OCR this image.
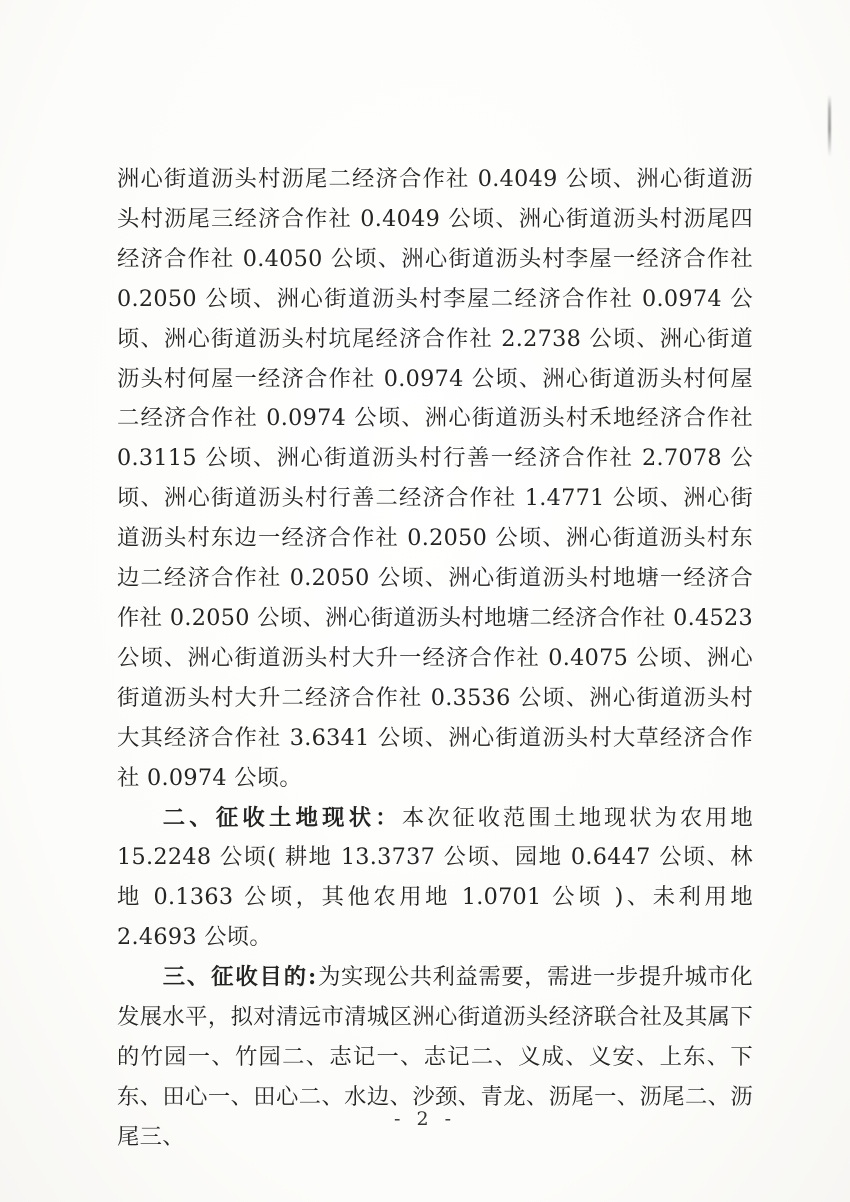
洲心街道沥头村沥尾二经济合作社 0.4049 公顷、洲心街道沥头村沥尾三经济合作社 0.4049 公顷、洲心街道沥头村沥尾四经济合作社 0.4050 公顷、洲心街道沥头村李屋一经济合作社 0.2050 公顷、洲心街道沥头村李屋二经济合作社 0.0974 公顷、洲心街道沥头村坑尾经济合作社 2.2738 公顷、洲心街道沥头村何屋一经济合作社 0.0974 公顷、洲心街道沥头村何屋二经济合作社 0.0974 公顷、洲心街道沥头村禾地经济合作社 0.3115 公顷、洲心街道沥头村行善一经济合作社 2.7078 公顷、洲心街道沥头村行善二经济合作社 1.4771 公顷、洲心街道沥头村东边一经济合作社 0.2050 公顷、洲心街道沥头村东边二经济合作社 0.2050 公顷、洲心街道沥头村地塘一经济合作社 0.2050 公顷、洲心街道沥头村地塘二经济合作社 0.4523 公顷、洲心街道沥头村大升一经济合作社 0.4075 公顷、洲心街道沥头村大升二经济合作社 0.3536 公顷、洲心街道沥头村大其经济合作社 3.6341 公顷、洲心街道沥头村大草经济合作社 0.0974 公顷。

二、征收土地现状：本次征收范围土地现状为农用地 15.2248 公顷( 耕地 13.3737 公顷、园地 0.6447 公顷、林地 0.1363 公顷，其他农用地 1.0701 公顷 )、未利用地 2.4693 公顷。

三、征收目的:为实现公共利益需要，需进一步提升城市化发展水平，拟对清远市清城区洲心街道沥头经济联合社及其属下的竹园一、竹园二、志记一、志记二、义成、义安、上东、下东、田心一、田心二、水边、沙颈、青龙、沥尾一、沥尾二、沥尾三、

- 2 -
